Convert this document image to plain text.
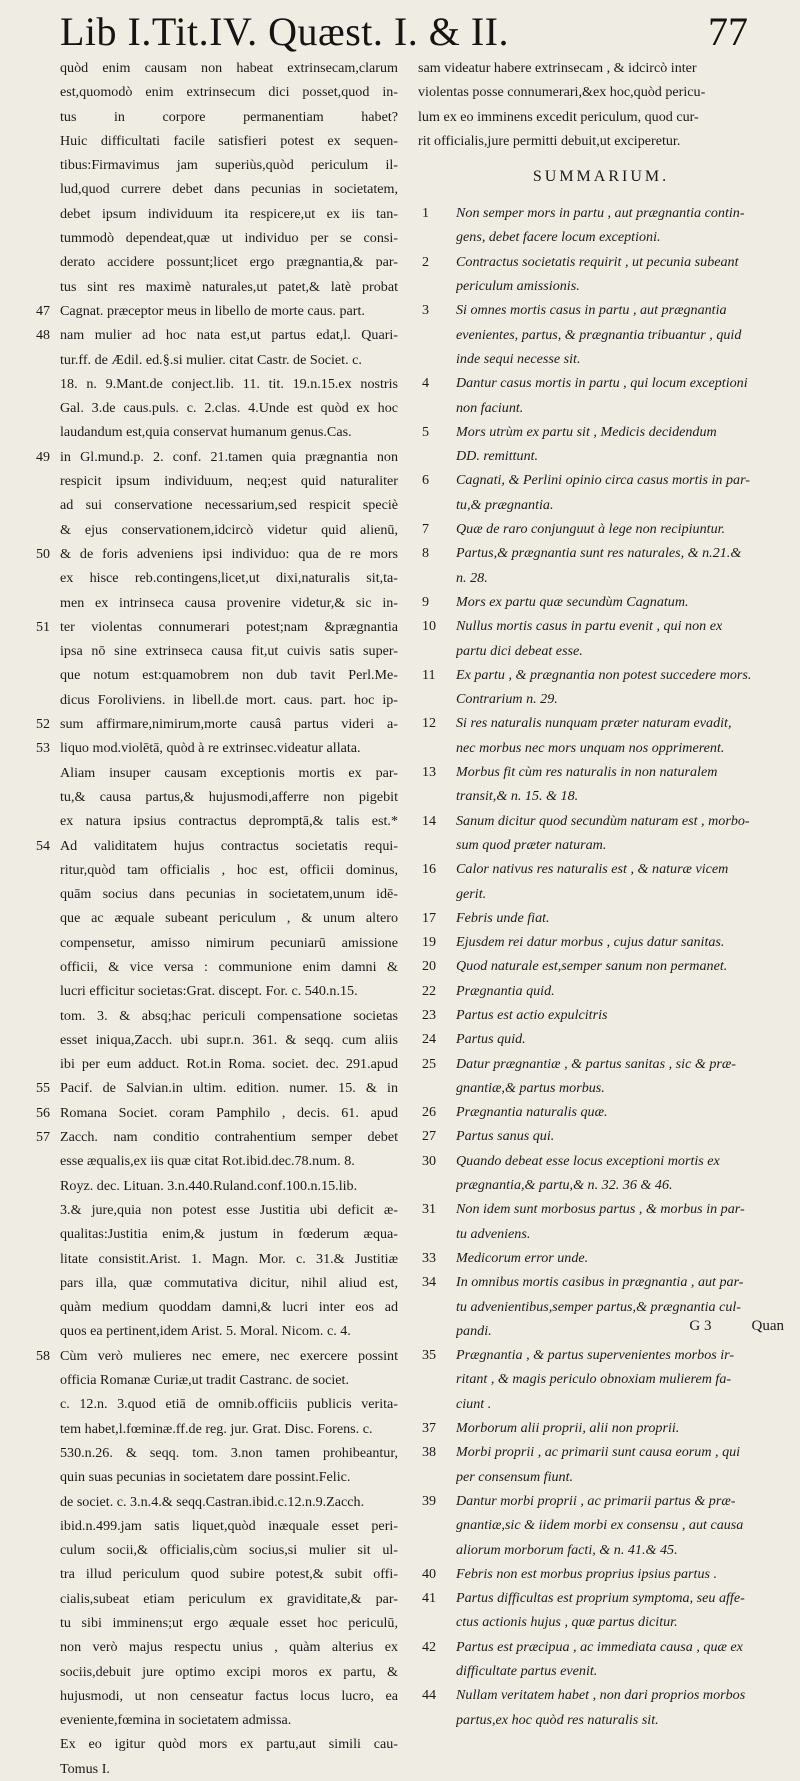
Lib I.Tit.IV. Quæst. I. & II.	77
quòd enim causam non habeat extrinsecam,clarum
est,quomodò enim extrinsecum dici posset,quod in-
tus in corpore permanentiam habet?
Huic difficultati facile satisfieri potest ex sequen-
tibus:Firmavimus jam superiùs,quòd periculum il-
lud,quod currere debet dans pecunias in societatem,
debet ipsum individuum ita respicere,ut ex iis tan-
tummodò dependeat,quæ ut individuo per se consi-
derato accidere possunt;licet ergo prægnantia,& par-
tus sint res maximè naturales,ut patet,& latè probat
47 Cagnat. præceptor meus in libello de morte caus. part.
48 nam mulier ad hoc nata est,ut partus edat,l. Quari-
tur.ff. de Ædil. ed.§.si mulier. citat Castr. de Societ. c.
18. n. 9.Mant.de conject.lib. 11. tit. 19.n.15.ex nostris
Gal. 3.de caus.puls. c. 2.clas. 4.Unde est quòd ex hoc
laudandum est,quia conservat humanum genus.Cas.
49 in Gl.mund.p. 2. conf. 21.tamen quia prægnantia non
respicit ipsum individuum, neq;est quid naturaliter
ad sui conservatione necessarium,sed respicit speciè
& ejus conservationem,idcircò videtur quid alienū,
50 & de foris adveniens ipsi individuo: qua de re mors
ex hisce reb.contingens,licet,ut dixi,naturalis sit,ta-
men ex intrinseca causa provenire videtur,& sic in-
51 ter violentas connumerari potest;nam &prægnantia
ipsa nō sine extrinseca causa fit,ut cuivis satis super-
que notum est:quamobrem non dub tavit Perl.Me-
dicus Foroliviens. in libell.de mort. caus. part. hoc ip-
52 sum affirmare,nimirum,morte causâ partus videri a-
53 liquo mod.violētā, quòd à re extrinsec.videatur allata.
Aliam insuper causam exceptionis mortis ex par-
tu,& causa partus,& hujusmodi,afferre non pigebit
ex natura ipsius contractus depromptā,& talis est.*
54 Ad validitatem hujus contractus societatis requi-
ritur,quòd tam officialis , hoc est, officii dominus,
quām socius dans pecunias in societatem,unum idē-
que ac æquale subeant periculum , & unum altero
compensetur, amisso nimirum pecuniarū amissione
officii, & vice versa : communione enim damni &
lucri efficitur societas:Grat. discept. For. c. 540.n.15.
tom. 3. & absq;hac periculi compensatione societas
esset iniqua,Zacch. ubi supr.n. 361. & seqq. cum aliis
ibi per eum adduct. Rot.in Roma. societ. dec. 291.apud
55 Pacif. de Salvian.in ultim. edition. numer. 15. & in
56 Romana Societ. coram Pamphilo , decis. 61. apud
57 Zacch. nam conditio contrahentium semper debet
esse æqualis,ex iis quæ citat Rot.ibid.dec.78.num. 8.
Royz. dec. Lituan. 3.n.440.Ruland.conf.100.n.15.lib.
3.& jure,quia non potest esse Justitia ubi deficit æ-
qualitas:Justitia enim,& justum in fœderum æqua-
litate consistit.Arist. 1. Magn. Mor. c. 31.& Justitiæ
pars illa, quæ commutativa dicitur, nihil aliud est,
quàm medium quoddam damni,& lucri inter eos ad
quos ea pertinent,idem Arist. 5. Moral. Nicom. c. 4.
58 Cùm verò mulieres nec emere, nec exercere possint
officia Romanæ Curiæ,ut tradit Castranc. de societ.
c. 12.n. 3.quod etiā de omnib.officiis publicis verita-
tem habet,l.fœminæ.ff.de reg. jur. Grat. Disc. Forens. c.
530.n.26. & seqq. tom. 3.non tamen prohibeantur,
quin suas pecunias in societatem dare possint.Felic.
de societ. c. 3.n.4.& seqq.Castran.ibid.c.12.n.9.Zacch.
ibid.n.499.jam satis liquet,quòd inæquale esset peri-
culum socii,& officialis,cùm socius,si mulier sit ul-
tra illud periculum quod subire potest,& subit offi-
cialis,subeat etiam periculum ex graviditate,& par-
tu sibi imminens;ut ergo æquale esset hoc periculū,
non verò majus respectu unius , quàm alterius ex
sociis,debuit jure optimo excipi moros ex partu, &
hujusmodi, ut non censeatur factus locus lucro, ea
eveniente,fœmina in societatem admissa.
Ex eo igitur quòd mors ex partu,aut simili cau-
Tomus I.
sam videatur habere extrinsecam , & idcircò inter
violentas posse connumerari,&ex hoc,quòd pericu-
lum ex eo imminens excedit periculum, quod cur-
rit officialis,jure permitti debuit,ut exciperetur.
SUMMARIUM.
1	Non semper mors in partu , aut prægnantia contin-
gens, debet facere locum exceptioni.
2	Contractus societatis requirit , ut pecunia subeant
periculum amissionis.
3	Si omnes mortis casus in partu , aut prægnantia
evenientes, partus, & prægnantia tribuantur , quid
inde sequi necesse sit.
4	Dantur casus mortis in partu , qui locum exceptioni
non faciunt.
5	Mors utrùm ex partu sit , Medicis decidendum
DD. remittunt.
6	Cagnati, & Perlini opinio circa casus mortis in par-
tu,& prægnantia.
7	Quæ de raro conjunguut à lege non recipiuntur.
8	Partus,& prægnantia sunt res naturales, & n.21.&
n. 28.
9	Mors ex partu quæ secundùm Cagnatum.
10	Nullus mortis casus in partu evenit , qui non ex
partu dici debeat esse.
11	Ex partu , & prægnantia non potest succedere mors.
Contrarium n. 29.
12	Si res naturalis nunquam præter naturam evadit,
nec morbus nec mors unquam nos opprimerent.
13	Morbus fit cùm res naturalis in non naturalem
transit,& n. 15. & 18.
14	Sanum dicitur quod secundùm naturam est , morbo-
sum quod præter naturam.
16	Calor nativus res naturalis est , & naturæ vicem
gerit.
17	Febris unde fiat.
19	Ejusdem rei datur morbus , cujus datur sanitas.
20	Quod naturale est,semper sanum non permanet.
22	Prægnantia quid.
23	Partus est actio expulcitris
24	Partus quid.
25	Datur prægnantiæ , & partus sanitas , sic & præ-
gnantiæ,& partus morbus.
26	Prægnantia naturalis quæ.
27	Partus sanus qui.
30	Quando debeat esse locus exceptioni mortis ex
prægnantia,& partu,& n. 32. 36 & 46.
31	Non idem sunt morbosus partus , & morbus in par-
tu adveniens.
33	Medicorum error unde.
34	In omnibus mortis casibus in prægnantia , aut par-
tu advenientibus,semper partus,& prægnantia cul-
pandi.
35	Prægnantia , & partus supervenientes morbos ir-
ritant , & magis periculo obnoxiam mulierem fa-
ciunt .
37	Morborum alii proprii, alii non proprii.
38	Morbi proprii , ac primarii sunt causa eorum , qui
per consensum fiunt.
39	Dantur morbi proprii , ac primarii partus & præ-
gnantiæ,sic & iidem morbi ex consensu , aut causa
aliorum morborum facti, & n. 41.& 45.
40	Febris non est morbus proprius ipsius partus .
41	Partus difficultas est proprium symptoma, seu affe-
ctus actionis hujus , quæ partus dicitur.
42	Partus est præcipua , ac immediata causa , quæ ex
difficultate partus evenit.
44	Nullam veritatem habet , non dari proprios morbos
partus,ex hoc quòd res naturalis sit.
G 3	Quan
